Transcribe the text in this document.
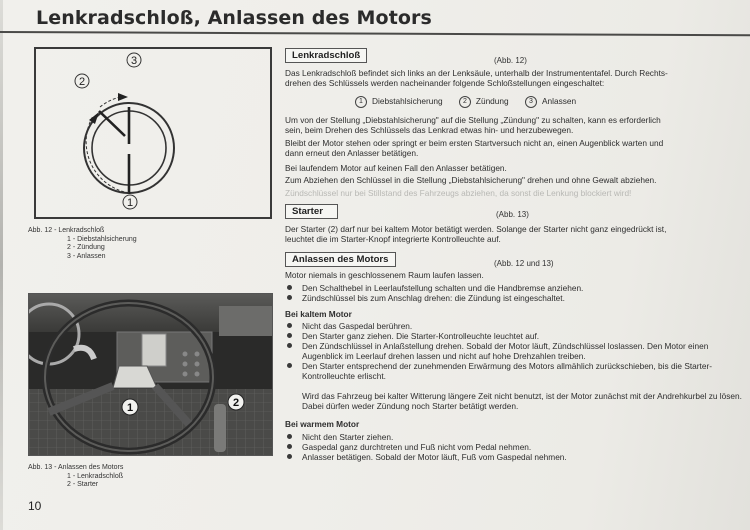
Lenkradschloß, Anlassen des Motors
1
2
3
Abb. 12 - Lenkradschloß
1 - Diebstahlsicherung
2 - Zündung
3 - Anlassen
1	2
Abb. 13 - Anlassen des Motors
1 - Lenkradschloß
2 - Starter
10
Lenkradschloß	(Abb. 12)
Das Lenkradschloß befindet sich links an der Lenksäule, unterhalb der Instrumententafel. Durch Rechts-
drehen des Schlüssels werden nacheinander folgende Schloßstellungen eingeschaltet:
1 Diebstahlsicherung	2 Zündung	3 Anlassen
Um von der Stellung „Diebstahlsicherung" auf die Stellung „Zündung" zu schalten, kann es erforderlich
sein, beim Drehen des Schlüssels das Lenkrad etwas hin- und herzubewegen.
Bleibt der Motor stehen oder springt er beim ersten Startversuch nicht an, einen Augenblick warten und
dann erneut den Anlasser betätigen.
Bei laufendem Motor auf keinen Fall den Anlasser betätigen.
Zum Abziehen den Schlüssel in die Stellung „Diebstahlsicherung" drehen und ohne Gewalt abziehen.
Zündschlüssel nur bei Stillstand des Fahrzeugs abziehen, da sonst die Lenkung blockiert wird!
Starter	(Abb. 13)
Der Starter (2) darf nur bei kaltem Motor betätigt werden. Solange der Starter nicht ganz eingedrückt ist,
leuchtet die im Starter-Knopf integrierte Kontrolleuchte auf.
Anlassen des Motors	(Abb. 12 und 13)
Motor niemals in geschlossenem Raum laufen lassen.
Den Schalthebel in Leerlaufstellung schalten und die Handbremse anziehen.
Zündschlüssel bis zum Anschlag drehen: die Zündung ist eingeschaltet.
Bei kaltem Motor
Nicht das Gaspedal berühren.
Den Starter ganz ziehen. Die Starter-Kontrolleuchte leuchtet auf.
Den Zündschlüssel in Anlaßstellung drehen. Sobald der Motor läuft, Zündschlüssel loslassen. Den Motor einen Augenblick im Leerlauf drehen lassen und nicht auf hohe Drehzahlen treiben.
Den Starter entsprechend der zunehmenden Erwärmung des Motors allmählich zurückschieben, bis die Starter-Kontrolleuchte erlischt.
Wird das Fahrzeug bei kalter Witterung längere Zeit nicht benutzt, ist der Motor zunächst mit der Andrehkurbel zu lösen. Dabei dürfen weder Zündung noch Starter betätigt werden.
Bei warmem Motor
Nicht den Starter ziehen.
Gaspedal ganz durchtreten und Fuß nicht vom Pedal nehmen.
Anlasser betätigen. Sobald der Motor läuft, Fuß vom Gaspedal nehmen.
